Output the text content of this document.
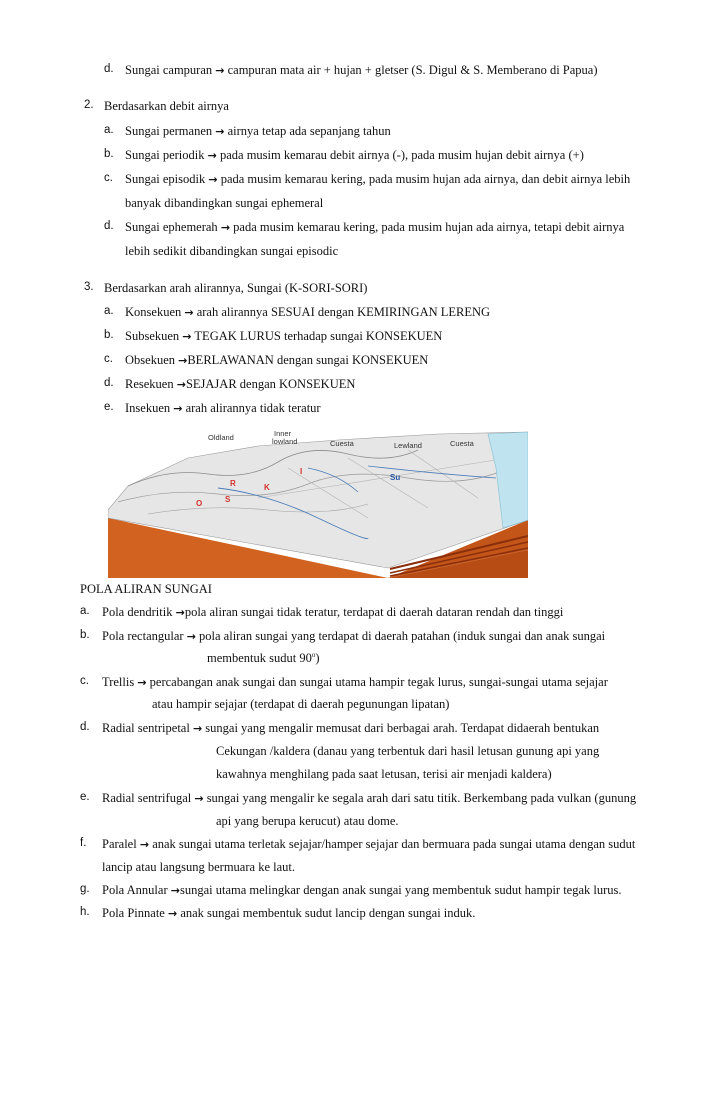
d. Sungai campuran → campuran mata air + hujan + gletser (S. Digul & S. Memberano di Papua)
2. Berdasarkan debit airnya
a. Sungai permanen → airnya tetap ada sepanjang tahun
b. Sungai periodik → pada musim kemarau debit airnya (-), pada musim hujan debit airnya (+)
c. Sungai episodik → pada musim kemarau kering, pada musim hujan ada airnya, dan debit airnya lebih
banyak dibandingkan sungai ephemeral
d. Sungai ephemerah → pada musim kemarau kering, pada musim hujan ada airnya, tetapi debit airnya
lebih sedikit dibandingkan sungai episodic
3. Berdasarkan arah alirannya, Sungai (K-SORI-SORI)
a. Konsekuen → arah alirannya SESUAI dengan KEMIRINGAN LERENG
b. Subsekuen → TEGAK LURUS terhadap sungai KONSEKUEN
c. Obsekuen →BERLAWANAN dengan sungai KONSEKUEN
d. Resekuen →SEJAJAR dengan KONSEKUEN
e. Insekuen → arah alirannya tidak teratur
Oldland	Inner
lowland	Cuesta	Lewland	Cuesta
O	S
R	K
I
Su
POLA ALIRAN SUNGAI
a. Pola dendritik →pola aliran sungai tidak teratur, terdapat di daerah dataran rendah dan tinggi
b. Pola rectangular → pola aliran sungai yang terdapat di daerah patahan (induk sungai dan anak sungai
membentuk sudut 90$^o$)
c. Trellis → percabangan anak sungai dan sungai utama hampir tegak lurus, sungai-sungai utama sejajar
atau hampir sejajar (terdapat di daerah pegunungan lipatan)
d. Radial sentripetal → sungai yang mengalir memusat dari berbagai arah. Terdapat didaerah bentukan
Cekungan /kaldera (danau yang terbentuk dari hasil letusan gunung api yang
kawahnya menghilang pada saat letusan, terisi air menjadi kaldera)
e. Radial sentrifugal → sungai yang mengalir ke segala arah dari satu titik. Berkembang pada vulkan (gunung
api yang berupa kerucut) atau dome.
f. Paralel → anak sungai utama terletak sejajar/hamper sejajar dan bermuara pada sungai utama dengan sudut
lancip atau langsung bermuara ke laut.
g. Pola Annular →sungai utama melingkar dengan anak sungai yang membentuk sudut hampir tegak lurus.
h. Pola Pinnate → anak sungai membentuk sudut lancip dengan sungai induk.
